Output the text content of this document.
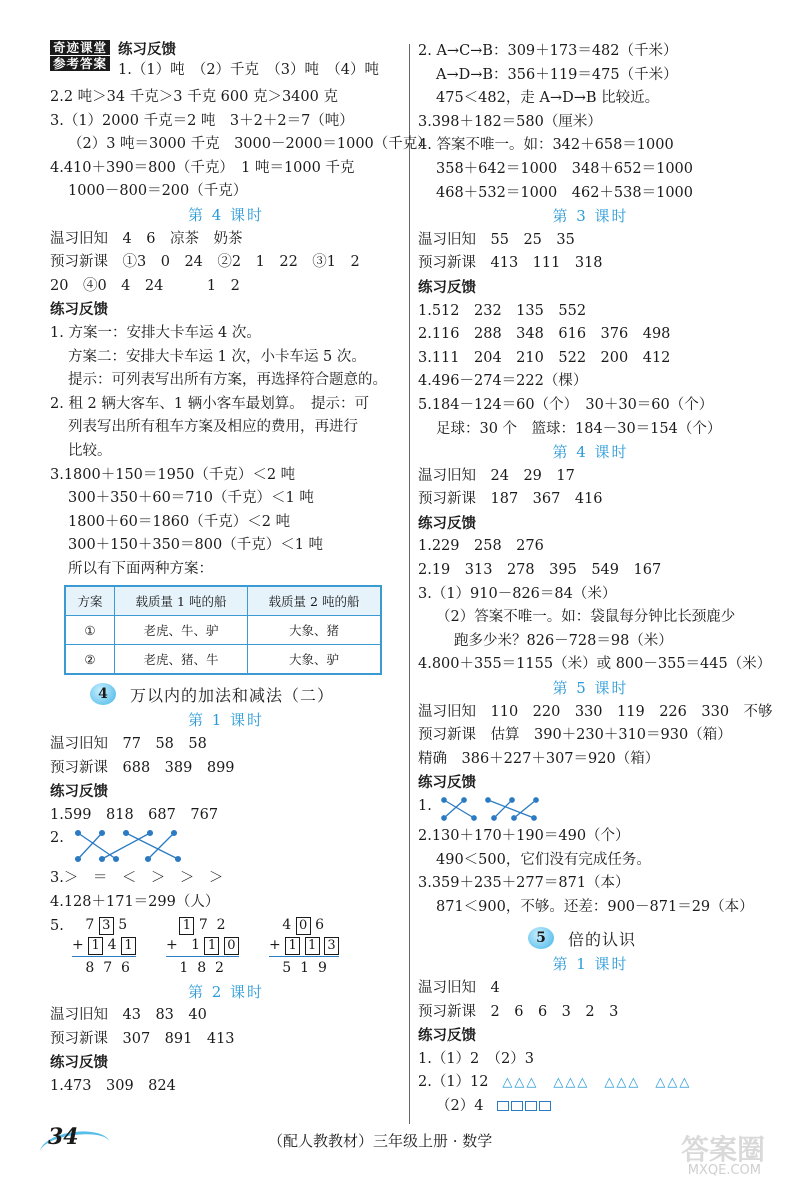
奇迹课堂
参考答案
练习反馈
1.（1）吨　（2）千克　（3）吨　（4）吨
2.2 吨＞34 千克＞3 千克 600 克＞3400 克
3.（1）2000 千克＝2 吨　3＋2＋2＝7（吨）
（2）3 吨＝3000 千克　3000－2000＝1000（千克）
4.410＋390＝800（千克）　1 吨＝1000 千克
1000－800＝200（千克）
第 4 课时
温习旧知　4　6　凉茶　奶茶
预习新课　①3　0　24　②2　1　22　③1　2
20　④0　4　24　　　1　2
练习反馈
1. 方案一：安排大卡车运 4 次。
方案二：安排大卡车运 1 次，小卡车运 5 次。
提示：可列表写出所有方案，再选择符合题意的。
2. 租 2 辆大客车、1 辆小客车最划算。　提示：可
列表写出所有租车方案及相应的费用，再进行
比较。
3.1800＋150＝1950（千克）＜2 吨
300＋350＋60＝710（千克）＜1 吨
1800＋60＝1860（千克）＜2 吨
300＋150＋350＝800（千克）＜1 吨
所以有下面两种方案：
方案	载质量 1 吨的船	载质量 2 吨的船
①	老虎、牛、驴	大象、猪
②	老虎、猪、牛	大象、驴
4	万以内的加法和减法（二）
第 1 课时
温习旧知　77　58　58
预习新课　688　389　899
练习反馈
1.599　818　687　767
2.
3.＞　＝　＜　＞　＞　＞
4.128＋171＝299（人）
5.	7 3 5
+ 1 4 1
8 7 6
1 7 2
+ 1 1 0
1 8 2
4 0 6
+ 1 1 3
5 1 9
第 2 课时
温习旧知　43　83　40
预习新课　307　891　413
练习反馈
1.473　309　824
2. A→C→B：309＋173＝482（千米）
A→D→B：356＋119＝475（千米）
475＜482，走 A→D→B 比较近。
3.398＋182＝580（厘米）
4. 答案不唯一。如：342＋658＝1000
358＋642＝1000　348＋652＝1000
468＋532＝1000　462＋538＝1000
第 3 课时
温习旧知　55　25　35
预习新课　413　111　318
练习反馈
1.512　232　135　552
2.116　288　348　616　376　498
3.111　204　210　522　200　412
4.496－274＝222（棵）
5.184－124＝60（个）　30＋30＝60（个）
足球：30 个　篮球：184－30＝154（个）
第 4 课时
温习旧知　24　29　17
预习新课　187　367　416
练习反馈
1.229　258　276
2.19　313　278　395　549　167
3.（1）910－826＝84（米）
（2）答案不唯一。如：袋鼠每分钟比长颈鹿少
跑多少米？826－728＝98（米）
4.800＋355＝1155（米）或 800－355＝445（米）
第 5 课时
温习旧知　110　220　330　119　226　330　不够
预习新课　估算　390＋230＋310＝930（箱）
精确　386＋227＋307＝920（箱）
练习反馈
1.
2.130＋170＋190＝490（个）
490＜500，它们没有完成任务。
3.359＋235＋277＝871（本）
871＜900，不够。还差：900－871＝29（本）
5	倍的认识
第 1 课时
温习旧知　4
预习新课　2　6　6　3　2　3
练习反馈
1.（1）2　（2）3
2.（1）12 △△△　△△△　△△△　△△△
（2）4
34	（配人教教材）三年级上册 · 数学	答案圈
MXQE.COM
